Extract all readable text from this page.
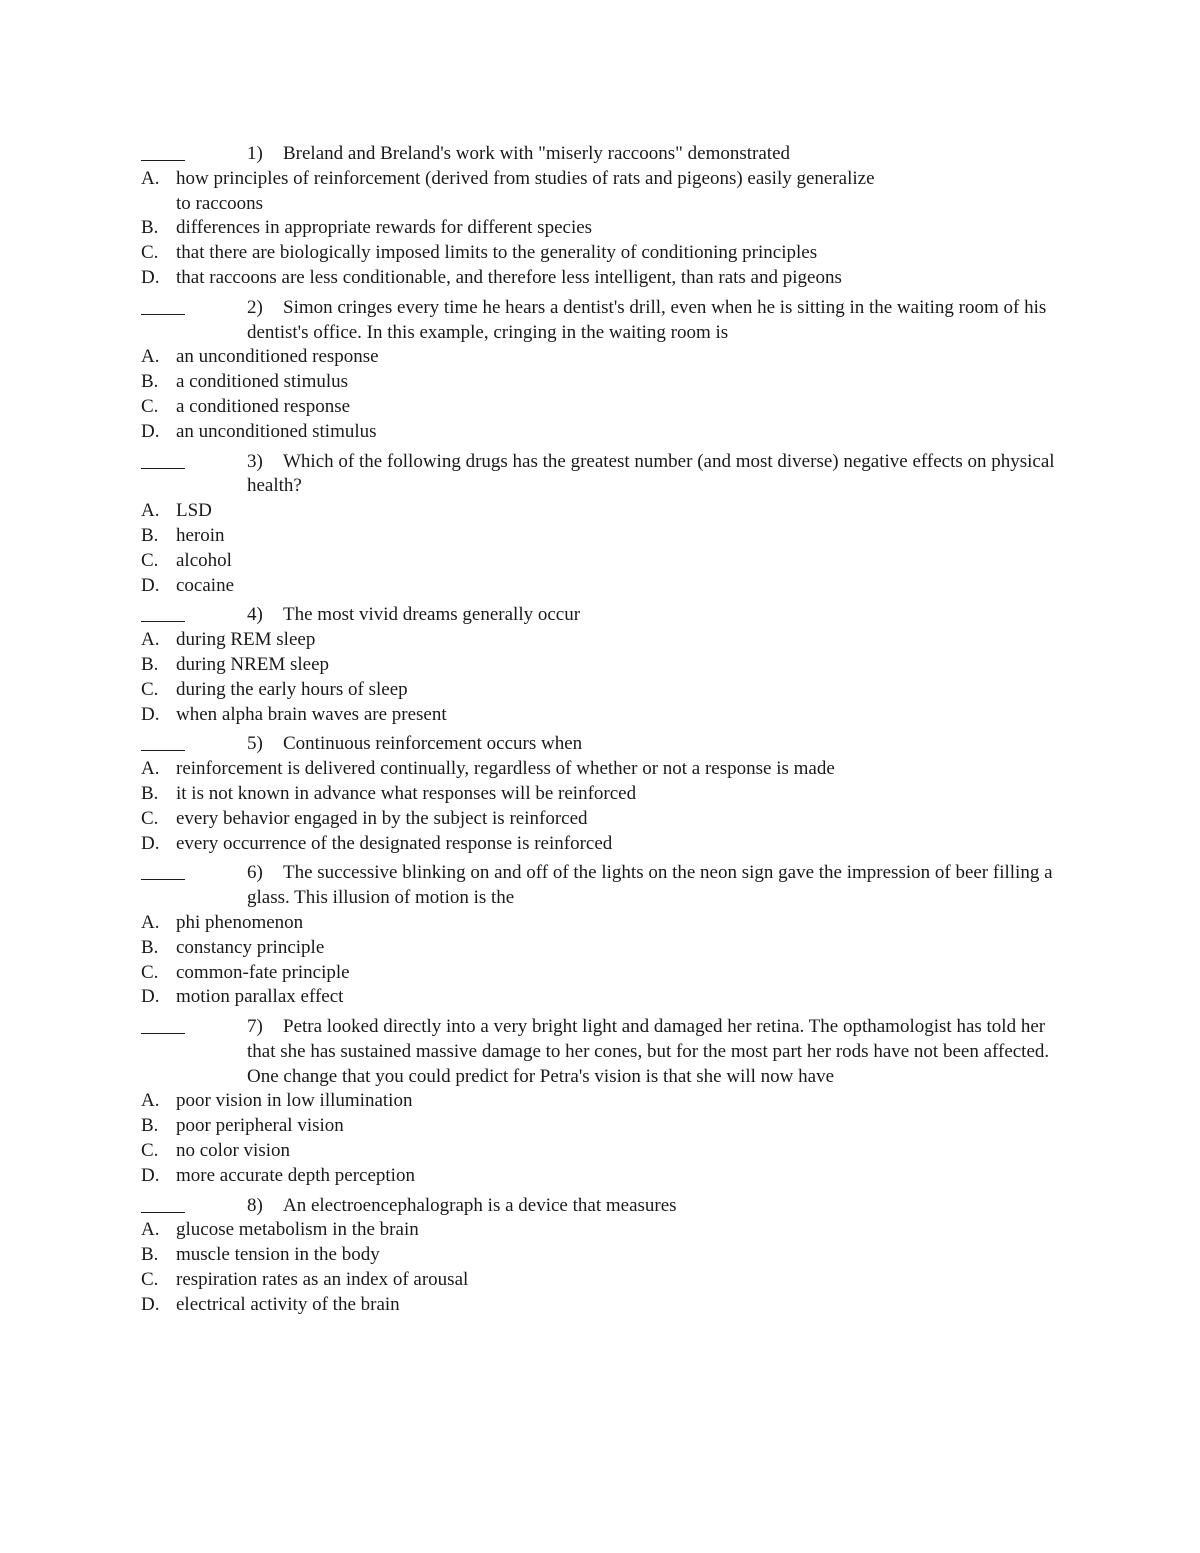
1) Breland and Breland's work with "miserly raccoons" demonstrated
A. how principles of reinforcement (derived from studies of rats and pigeons) easily generalize to raccoons
B. differences in appropriate rewards for different species
C. that there are biologically imposed limits to the generality of conditioning principles
D. that raccoons are less conditionable, and therefore less intelligent, than rats and pigeons
2) Simon cringes every time he hears a dentist's drill, even when he is sitting in the waiting room of his dentist's office. In this example, cringing in the waiting room is
A. an unconditioned response
B. a conditioned stimulus
C. a conditioned response
D. an unconditioned stimulus
3) Which of the following drugs has the greatest number (and most diverse) negative effects on physical health?
A. LSD
B. heroin
C. alcohol
D. cocaine
4) The most vivid dreams generally occur
A. during REM sleep
B. during NREM sleep
C. during the early hours of sleep
D. when alpha brain waves are present
5) Continuous reinforcement occurs when
A. reinforcement is delivered continually, regardless of whether or not a response is made
B. it is not known in advance what responses will be reinforced
C. every behavior engaged in by the subject is reinforced
D. every occurrence of the designated response is reinforced
6) The successive blinking on and off of the lights on the neon sign gave the impression of beer filling a glass. This illusion of motion is the
A. phi phenomenon
B. constancy principle
C. common-fate principle
D. motion parallax effect
7) Petra looked directly into a very bright light and damaged her retina. The opthamologist has told her that she has sustained massive damage to her cones, but for the most part her rods have not been affected. One change that you could predict for Petra's vision is that she will now have
A. poor vision in low illumination
B. poor peripheral vision
C. no color vision
D. more accurate depth perception
8) An electroencephalograph is a device that measures
A. glucose metabolism in the brain
B. muscle tension in the body
C. respiration rates as an index of arousal
D. electrical activity of the brain
